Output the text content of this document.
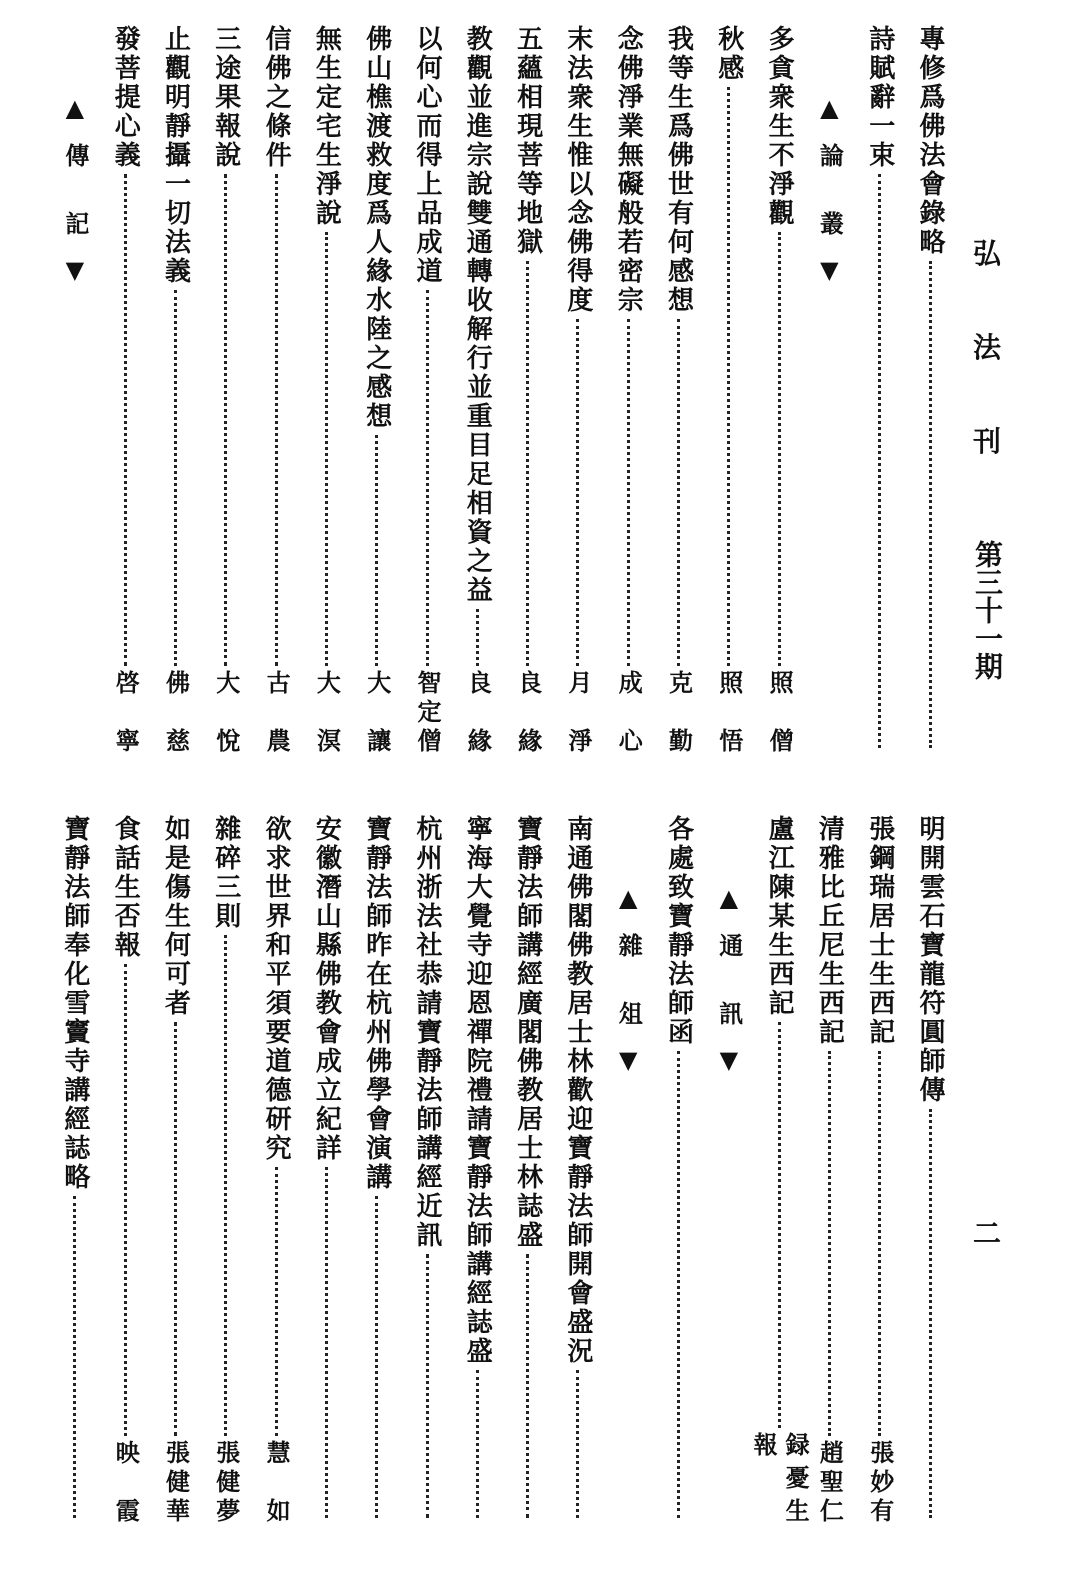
弘
法
刊
第三十一期
二
專修爲佛法會錄略
詩賦辭一束
▲
論
叢
▼
多貪衆生不淨觀
照僧
秋感
照悟
我等生爲佛世有何感想
克勤
念佛淨業無礙般若密宗
成心
末法衆生惟以念佛得度
月淨
五蘊相現菩等地獄
良緣
教觀並進宗說雙通轉收解行並重目足相資之益
良緣
以何心而得上品成道
智定僧
佛山樵渡救度爲人緣水陸之感想
大讓
無生定宅生淨說
大溟
信佛之條件
古農
三途果報說
大悅
止觀明靜攝一切法義
佛慈
發菩提心義
啓寧
▲
傳
記
▼
明開雲石寶龍符圓師傳
張鋼瑞居士生西記
張妙有
清雅比丘尼生西記
趙聖仁
盧江陳某生西記
録憂生報
▲
通
訊
▼
各處致寶靜法師函
▲
雜
俎
▼
南通佛閣佛教居士林歡迎寶靜法師開會盛況
寶靜法師講經廣閣佛教居士林誌盛
寧海大覺寺迎恩禪院禮請寶靜法師講經誌盛
杭州浙法社恭請寶靜法師講經近訊
寶靜法師昨在杭州佛學會演講
安徽潛山縣佛教會成立紀詳
欲求世界和平須要道德研究
慧如
雜碎三則
張健夢
如是傷生何可者
張健華
食話生否報
映霞
寶靜法師奉化雪竇寺講經誌略
